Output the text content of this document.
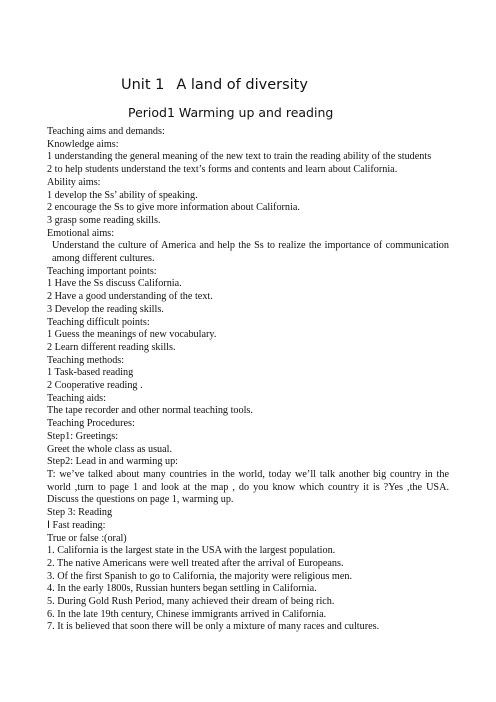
Unit 1 A land of diversity
Period1 Warming up and reading
Teaching aims and demands:
Knowledge aims:
1 understanding the general meaning of the new text to train the reading ability of the students
2 to help students understand the text’s forms and contents and learn about California.
Ability aims:
1 develop the Ss’ ability of speaking.
2 encourage the Ss to give more information about California.
3 grasp some reading skills.
Emotional aims:
Understand the culture of America and help the Ss to realize the importance of communication among different cultures.
Teaching important points:
1 Have the Ss discuss California.
2 Have a good understanding of the text.
3 Develop the reading skills.
Teaching difficult points:
1 Guess the meanings of new vocabulary.
2 Learn different reading skills.
Teaching methods:
1 Task-based reading
2 Cooperative reading .
Teaching aids:
The tape recorder and other normal teaching tools.
Teaching Procedures:
Step1: Greetings:
Greet the whole class as usual.
Step2: Lead in and warming up:
T: we’ve talked about many countries in the world, today we’ll talk another big country in the world ,turn to page 1 and look at the map , do you know which country it is ?Yes ,the USA. Discuss the questions on page 1, warming up.
Step 3: Reading
Ⅰ Fast reading:
True or false :(oral)
1. California is the largest state in the USA with the largest population.
2. The native Americans were well treated after the arrival of Europeans.
3. Of the first Spanish to go to California, the majority were religious men.
4. In the early 1800s, Russian hunters began settling in California.
5. During Gold Rush Period, many achieved their dream of being rich.
6. In the late 19th century, Chinese immigrants arrived in California.
7. It is believed that soon there will be only a mixture of many races and cultures.
